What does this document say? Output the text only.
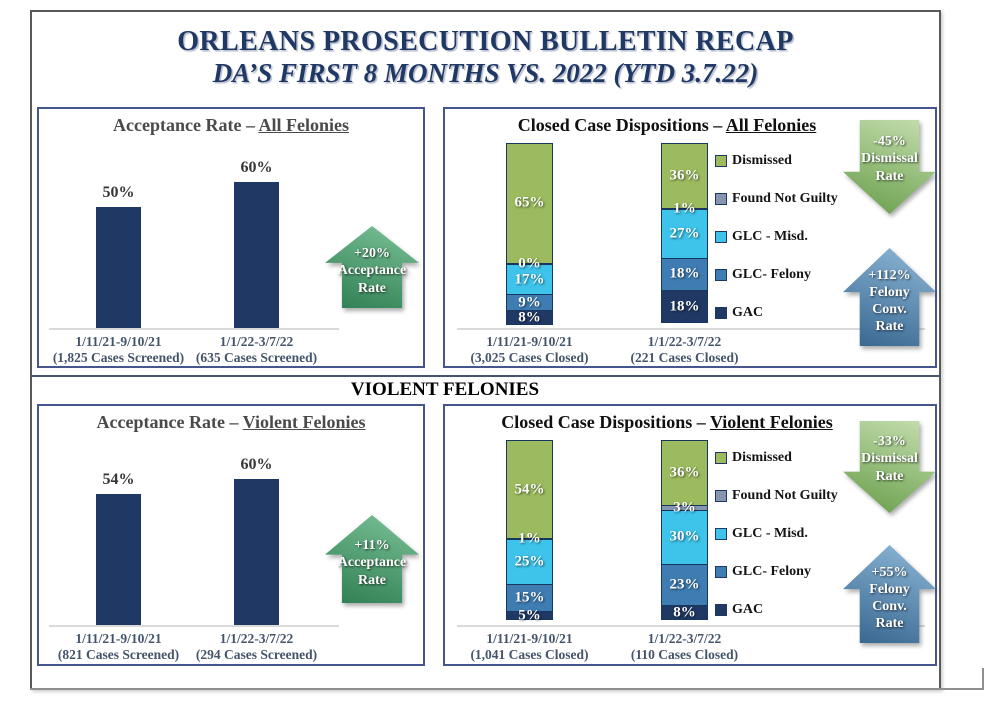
ORLEANS PROSECUTION BULLETIN RECAP
DA’S FIRST 8 MONTHS VS. 2022 (YTD 3.7.22)
Acceptance Rate – All Felonies
50%
1/11/21-9/10/21
(1,825 Cases Screened)
60%
1/1/22-3/7/22
(635 Cases Screened)
Closed Case Dispositions – All Felonies
65%
0%
17%
9%
8%
1/11/21-9/10/21
(3,025 Cases Closed)
36%
1%
27%
18%
18%
1/1/22-3/7/22
(221 Cases Closed)
Dismissed
Found Not Guilty
GLC - Misd.
GLC- Felony
GAC
VIOLENT FELONIES
Acceptance Rate – Violent Felonies
54%
1/11/21-9/10/21
(821 Cases Screened)
60%
1/1/22-3/7/22
(294 Cases Screened)
Closed Case Dispositions – Violent Felonies
54%
1%
25%
15%
5%
1/11/21-9/10/21
(1,041 Cases Closed)
36%
3%
30%
23%
8%
1/1/22-3/7/22
(110 Cases Closed)
Dismissed
Found Not Guilty
GLC - Misd.
GLC- Felony
GAC
+20%
Acceptance
Rate
-45%
Dismissal
Rate
+112%
Felony
Conv.
Rate
+11%
Acceptance
Rate
-33%
Dismissal
Rate
+55%
Felony
Conv.
Rate
